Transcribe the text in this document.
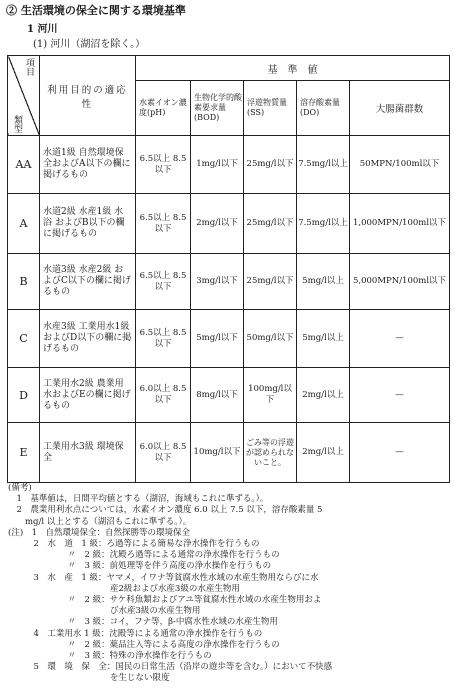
② 生活環境の保全に関する環境基準
1 河川
(1) 河川（湖沼を除く。）
項目
類型	利用目的の適応性	基　準　値				
		水素イオン濃度(pH)	生物化学的酸素要求量(BOD)	浮遊物質量(SS)	溶存酸素量(DO)	大腸菌群数
AA	水道1級 自然環境保全およびA以下の欄に掲げるもの	6.5以上 8.5以下	1mg/l以下	25mg/l以下	7.5mg/l以上	50MPN/100ml以下
A	水道2級 水産1級 水浴 およびB以下の欄に掲げるもの	6.5以上 8.5以下	2mg/l以下	25mg/l以下	7.5mg/l以上	1,000MPN/100ml以下
B	水道3級 水産2級 およびC以下の欄に掲げるもの	6.5以上 8.5以下	3mg/l以下	25mg/l以下	5mg/l以上	5,000MPN/100ml以下
C	水産3級 工業用水1級 およびD以下の欄に掲げるもの	6.5以上 8.5以下	5mg/l以下	50mg/l以下	5mg/l以上	—
D	工業用水2級 農業用水およびEの欄に掲げるもの	6.0以上 8.5以下	8mg/l以下	100mg/l以下	2mg/l以上	—
E	工業用水3級 環境保全	6.0以上 8.5以下	10mg/l以下	ごみ等の浮遊が認められないこと。	2mg/l以上	—
(備考)
　1　基準値は，日間平均値とする（湖沼，海域もこれに準ずる。）。
　2　農業用利水点については，水素イオン濃度 6.0 以上 7.5 以下，溶存酸素量 5
　　mg/l 以上とする（湖沼もこれに準ずる。）。
(注)　1　自然環境保全：自然探勝等の環境保全
　　　2　水　道　1 級：ろ過等による簡易な浄水操作を行うもの
　　　　　　　〃　2 級：沈殿ろ過等による通常の浄水操作を行うもの
　　　　　　　〃　3 級：前処理等を伴う高度の浄水操作を行うもの
　　　3　水　産　1 級：ヤマメ，イワナ等貧腐水性水域の水産生物用ならびに水
　　　　　　　　　　　　産2級および水産3級の水産生物用
　　　　　　　〃　2 級：サケ科魚類およびアユ等貧腐水性水域の水産生物用およ
　　　　　　　　　　　　び水産3級の水産生物用
　　　　　　　〃　3 級：コイ，フナ等，β-中腐水性水域の水産生物用
　　　4　工業用水 1 級：沈殿等による通常の浄水操作を行うもの
　　　　　　　〃　2 級：薬品注入等による高度の浄水操作を行うもの
　　　　　　　〃　3 級：特殊の浄水操作を行うもの
　　　5　環　境　保　全：国民の日常生活（沿岸の遊歩等を含む。）において不快感
　　　　　　　　　　　　を生じない限度
